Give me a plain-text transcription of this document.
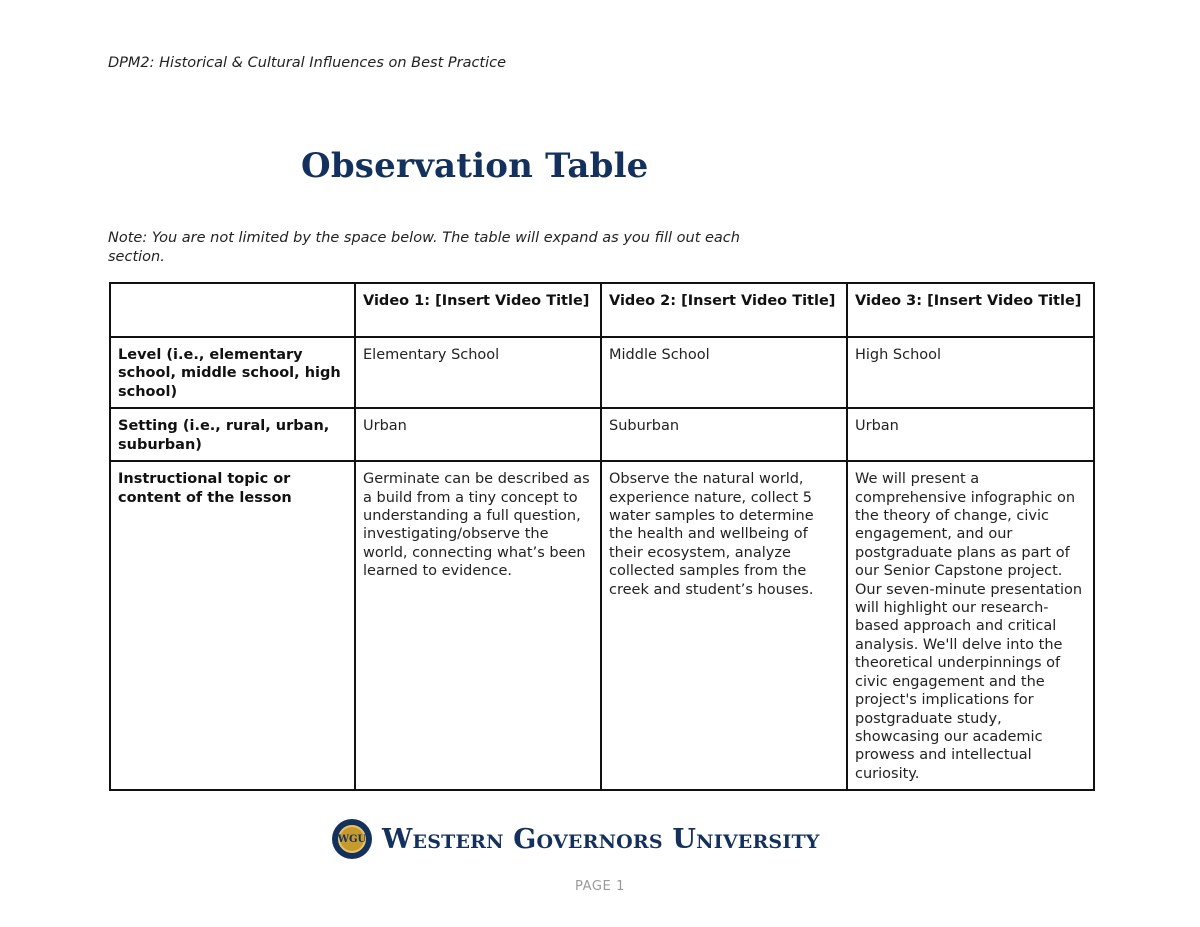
DPM2: Historical & Cultural Influences on Best Practice

Observation Table

Note: You are not limited by the space below. The table will expand as you fill out each section.

	Video 1: [Insert Video Title]	Video 2: [Insert Video Title]	Video 3: [Insert Video Title]
Level (i.e., elementary school, middle school, high school)	Elementary School	Middle School	High School
Setting (i.e., rural, urban, suburban)	Urban	Suburban	Urban
Instructional topic or content of the lesson	Germinate can be described as a build from a tiny concept to understanding a full question, investigating/observe the world, connecting what’s been learned to evidence.	Observe the natural world, experience nature, collect 5 water samples to determine the health and wellbeing of their ecosystem, analyze collected samples from the creek and student’s houses.	We will present a comprehensive infographic on the theory of change, civic engagement, and our postgraduate plans as part of our Senior Capstone project. Our seven-minute presentation will highlight our research-based approach and critical analysis. We'll delve into the theoretical underpinnings of civic engagement and the project's implications for postgraduate study, showcasing our academic prowess and intellectual curiosity.
WGU Western Governors University
PAGE 1
